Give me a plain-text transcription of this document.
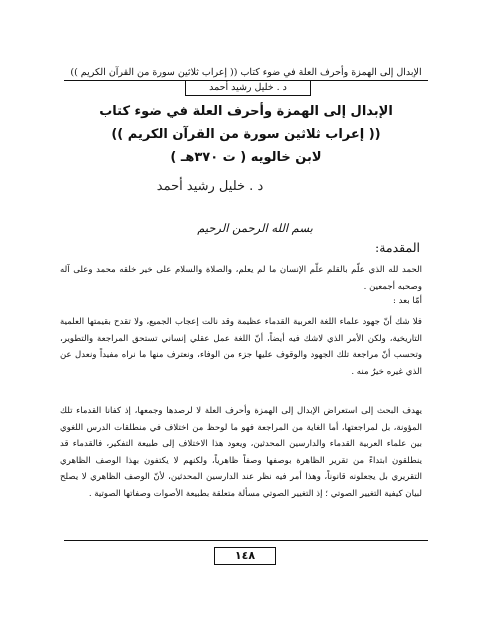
الإبدال إلى الهمزة وأحرف العلة في ضوء كتاب (( إعراب ثلاثين سورة من القرآن الكريم ))
د . خليل رشيد أحمد
الإبدال إلى الهمزة وأحرف العلة في ضوء كتاب
(( إعراب ثلاثين سورة من القرآن الكريم ))
لابن خالويه ( ت ٣٧٠هـ )
د . خليل رشيد أحمد
بسم الله الرحمن الرحيم
المقدمة:
الحمد لله الذي علّم بالقلم علّم الإنسان ما لم يعلم، والصلاة والسلام على خير خلقه محمد وعلى آله وصحبه أجمعين .
أمّا بعد :
فلا شك أنّ جهود علماء اللغة العربية القدماء عظيمة وقد نالت إعجاب الجميع، ولا تقدح بقيمتها العلمية التاريخية، ولكن الأمر الذي لاشك فيه أيضاً، أنّ اللغة عمل عقلي إنساني تستحق المراجعة والتطوير، وتحسب أنّ مراجعة تلك الجهود والوقوف عليها جزء من الوفاء، ونعترف منها ما نراه مفيداً ونعدل عن الذي غيره خيرٌ منه .
يهدف البحث إلى استعراض الإبدال إلى الهمزة وأحرف العلة لا لرصدها وجمعها، إذ كفانا القدماء تلك المؤونة، بل لمراجعتها، أما الغاية من المراجعة فهو ما لوحظ من اختلاف في منطلقات الدرس اللغوي بين علماء العربية القدماء والدارسين المحدثين، ويعود هذا الاختلاف إلى طبيعة التفكير، فالقدماء قد ينطلقون ابتداءً من تقرير الظاهرة بوصفها وصفاً ظاهرياً، ولكنهم لا يكتفون بهذا الوصف الظاهري التقريري بل يجعلونه قانوناً، وهذا أمر فيه نظر عند الدارسين المحدثين، لأنّ الوصف الظاهري لا يصلح لبيان كيفية التغيير الصوتي ؛ إذ التغيير الصوتي مسألة متعلقة بطبيعة الأصوات وصفاتها الصوتية .
١٤٨
